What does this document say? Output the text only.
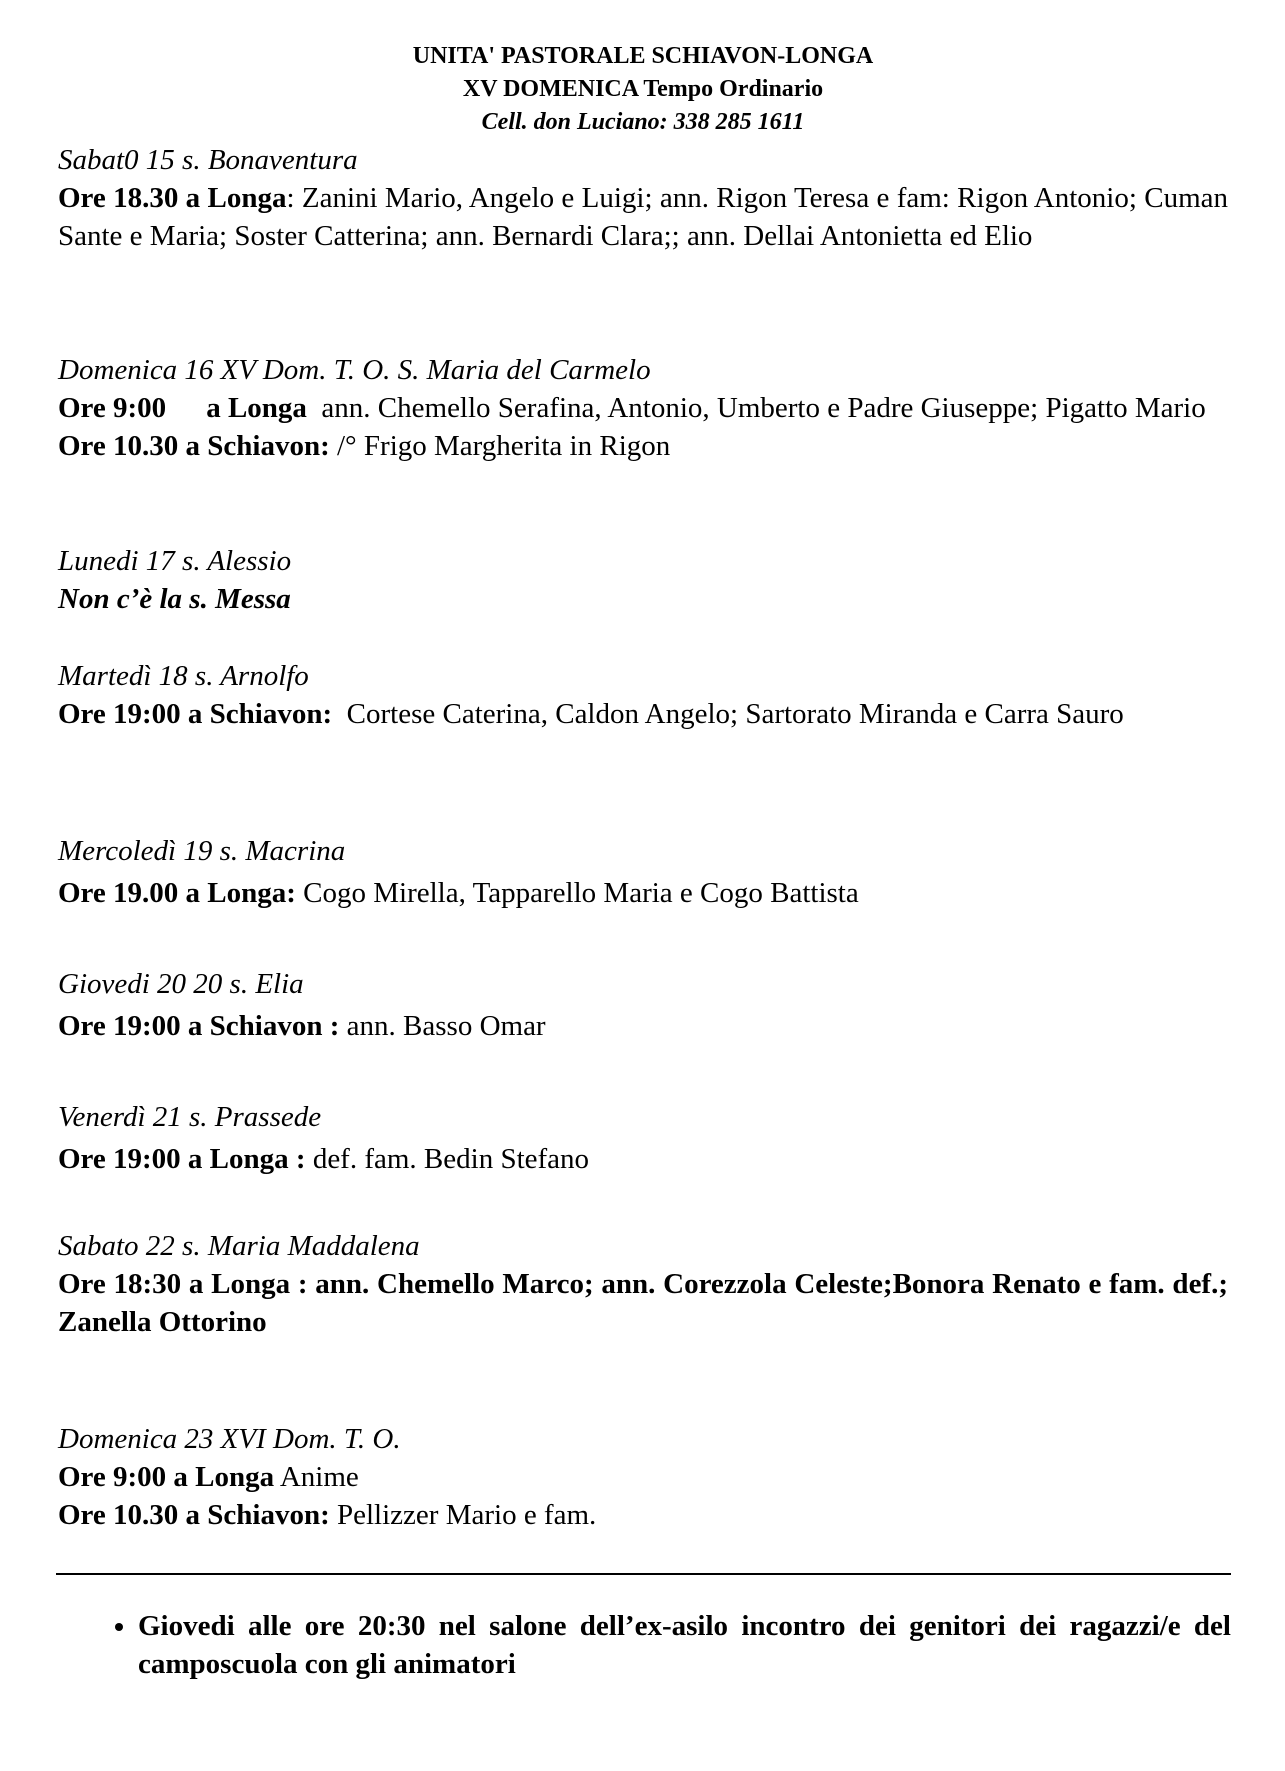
UNITA' PASTORALE SCHIAVON-LONGA
XV DOMENICA Tempo Ordinario
Cell. don Luciano: 338 285 1611
Sabat0 15 s. Bonaventura
Ore 18.30 a Longa: Zanini Mario, Angelo e Luigi; ann. Rigon Teresa e fam: Rigon Antonio; Cuman Sante e Maria; Soster Catterina; ann. Bernardi Clara;; ann. Dellai Antonietta ed Elio
Domenica 16 XV Dom. T. O. S. Maria del Carmelo
Ore 9:00 a Longa ann. Chemello Serafina, Antonio, Umberto e Padre Giuseppe; Pigatto Mario
Ore 10.30 a Schiavon: /° Frigo Margherita in Rigon
Lunedi 17 s. Alessio
Non c’è la s. Messa
Martedì 18 s. Arnolfo
Ore 19:00 a Schiavon: Cortese Caterina, Caldon Angelo; Sartorato Miranda e Carra Sauro
Mercoledì 19 s. Macrina
Ore 19.00 a Longa: Cogo Mirella, Tapparello Maria e Cogo Battista
Giovedi 20 20 s. Elia
Ore 19:00 a Schiavon : ann. Basso Omar
Venerdì 21 s. Prassede
Ore 19:00 a Longa : def. fam. Bedin Stefano
Sabato 22 s. Maria Maddalena
Ore 18:30 a Longa : ann. Chemello Marco; ann. Corezzola Celeste;Bonora Renato e fam. def.; Zanella Ottorino
Domenica 23 XVI Dom. T. O.
Ore 9:00 a Longa Anime
Ore 10.30 a Schiavon: Pellizzer Mario e fam.
• Giovedi alle ore 20:30 nel salone dell’ex-asilo incontro dei genitori dei ragazzi/e del camposcuola con gli animatori
